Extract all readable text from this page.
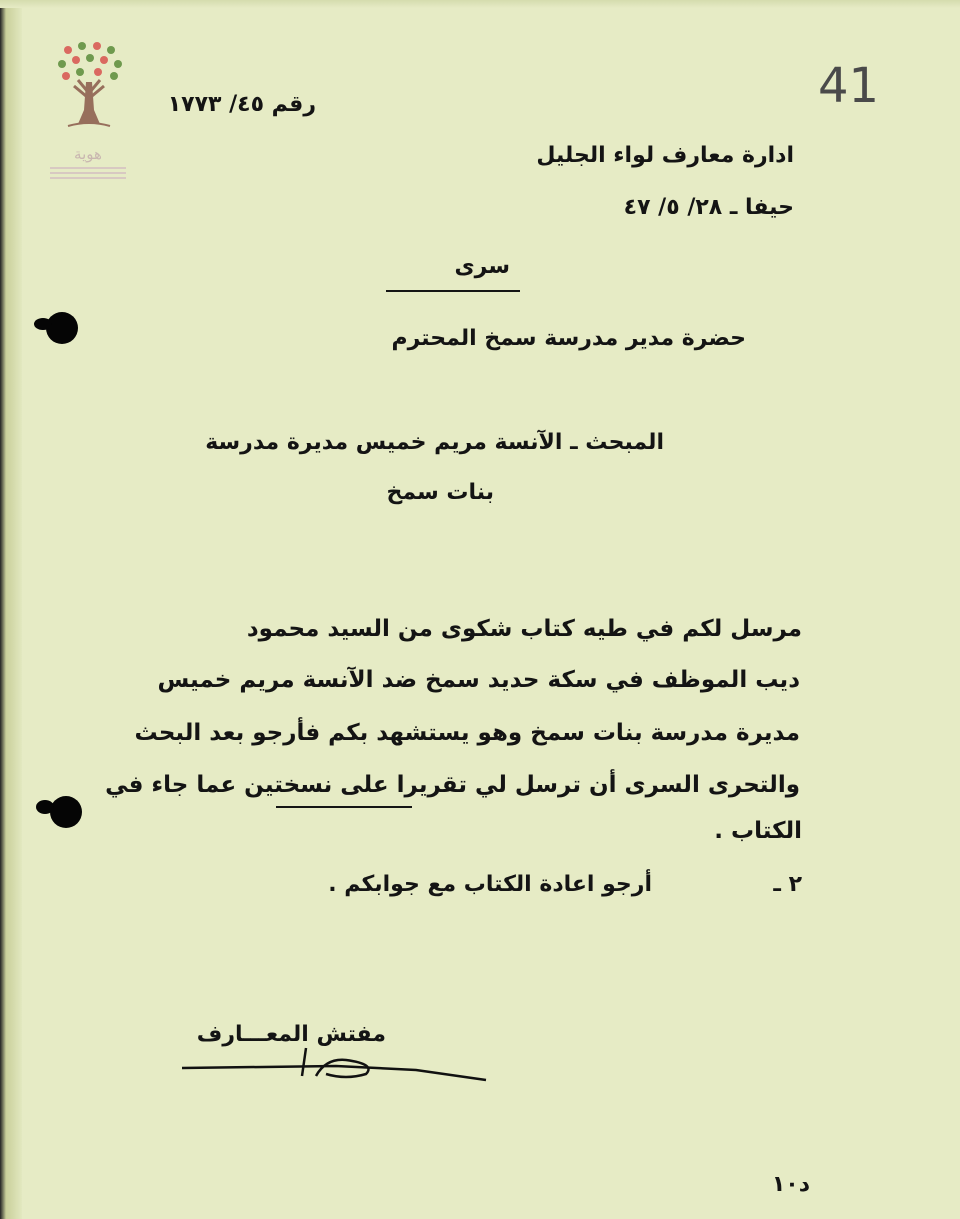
هوية
41

رقم ٤٥/ ١٧٧٣

ادارة معارف لواء الجليل

حيفا ـ ٢٨/ ٥/ ٤٧

سرى

حضرة مدير مدرسة سمخ المحترم

المبحث ـ الآنسة مريم خميس مديرة مدرسة

بنات سمخ

مرسل لكم في طيه كتاب شكوى من السيد محمود

ديب الموظف في سكة حديد سمخ ضد الآنسة مريم خميس

مديرة مدرسة بنات سمخ وهو يستشهد بكم فأرجو بعد البحث

والتحرى السرى أن ترسل لي تقريرا على نسختين عما جاء في

الكتاب .

٢ ـ

أرجو اعادة الكتاب مع جوابكم .

مفتش المعـــارف

د١٠
